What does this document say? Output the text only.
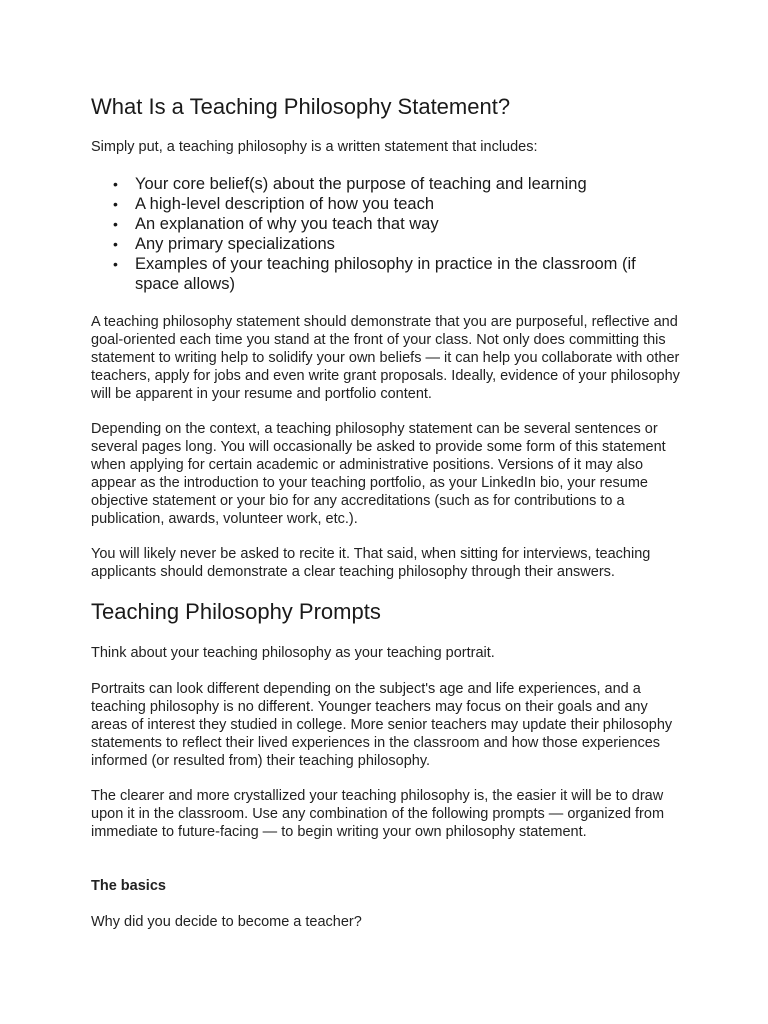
What Is a Teaching Philosophy Statement?

Simply put, a teaching philosophy is a written statement that includes:

• Your core belief(s) about the purpose of teaching and learning
• A high-level description of how you teach
• An explanation of why you teach that way
• Any primary specializations
• Examples of your teaching philosophy in practice in the classroom (if space allows)

A teaching philosophy statement should demonstrate that you are purposeful, reflective and goal-oriented each time you stand at the front of your class. Not only does committing this statement to writing help to solidify your own beliefs — it can help you collaborate with other teachers, apply for jobs and even write grant proposals. Ideally, evidence of your philosophy will be apparent in your resume and portfolio content.

Depending on the context, a teaching philosophy statement can be several sentences or several pages long. You will occasionally be asked to provide some form of this statement when applying for certain academic or administrative positions. Versions of it may also appear as the introduction to your teaching portfolio, as your LinkedIn bio, your resume objective statement or your bio for any accreditations (such as for contributions to a publication, awards, volunteer work, etc.).

You will likely never be asked to recite it. That said, when sitting for interviews, teaching applicants should demonstrate a clear teaching philosophy through their answers.

Teaching Philosophy Prompts

Think about your teaching philosophy as your teaching portrait.

Portraits can look different depending on the subject's age and life experiences, and a teaching philosophy is no different. Younger teachers may focus on their goals and any areas of interest they studied in college. More senior teachers may update their philosophy statements to reflect their lived experiences in the classroom and how those experiences informed (or resulted from) their teaching philosophy.

The clearer and more crystallized your teaching philosophy is, the easier it will be to draw upon it in the classroom. Use any combination of the following prompts — organized from immediate to future-facing — to begin writing your own philosophy statement.

The basics

Why did you decide to become a teacher?
